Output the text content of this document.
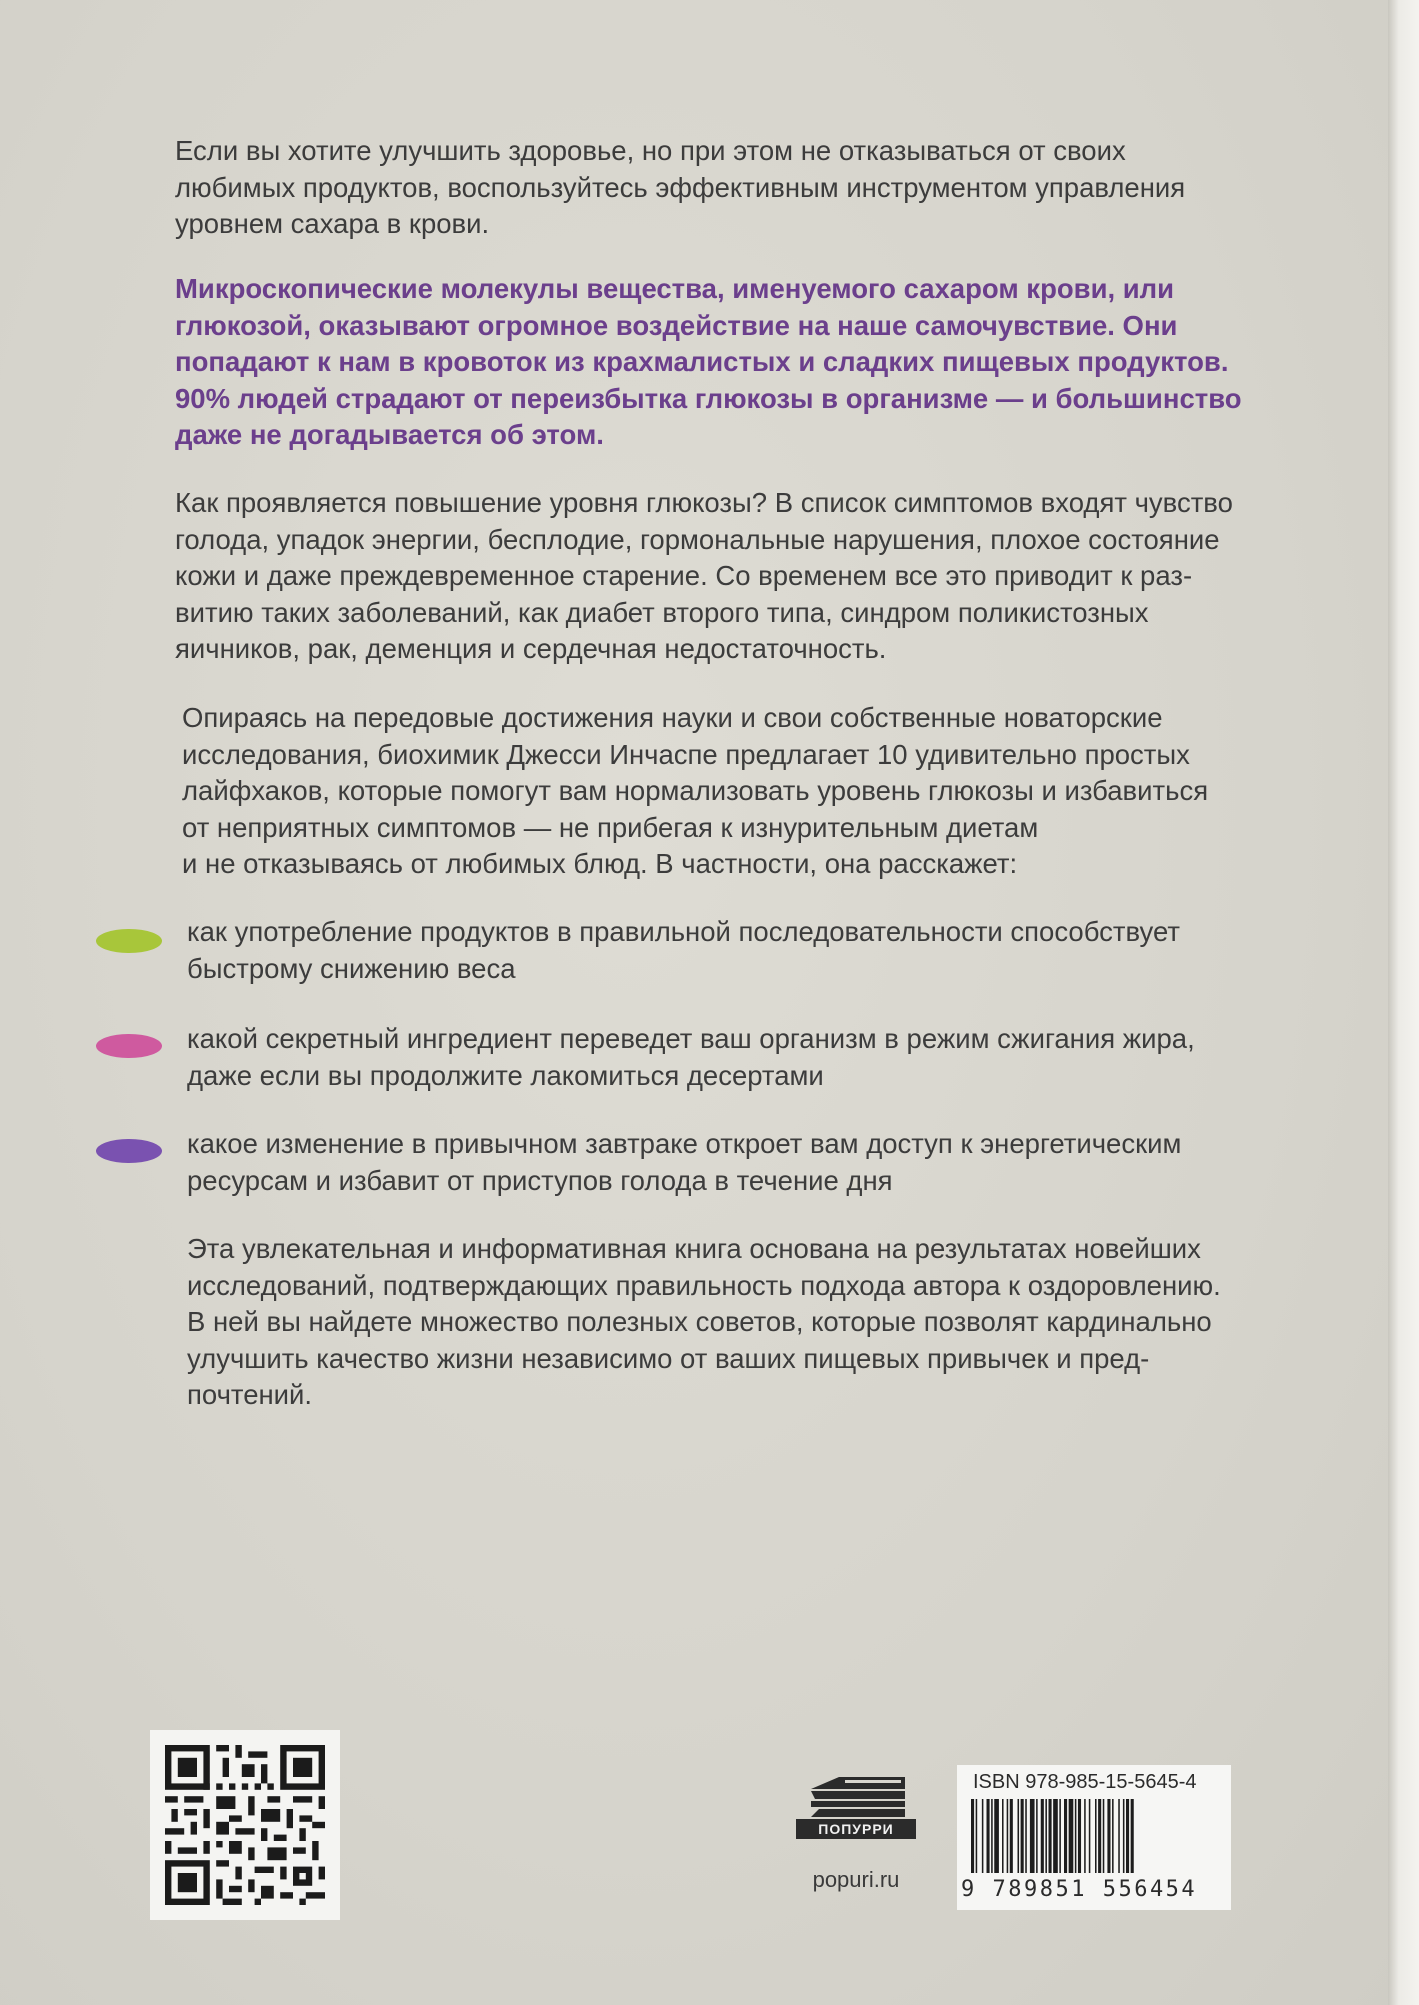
Если вы хотите улучшить здоровье, но при этом не отказываться от своих
любимых продуктов, воспользуйтесь эффективным инструментом управления
уровнем сахара в крови.

Микроскопические молекулы вещества, именуемого сахаром крови, или
глюкозой, оказывают огромное воздействие на наше самочувствие. Они
попадают к нам в кровоток из крахмалистых и сладких пищевых продуктов.
90% людей страдают от переизбытка глюкозы в организме — и большинство
даже не догадывается об этом.

Как проявляется повышение уровня глюкозы? В список симптомов входят чувство
голода, упадок энергии, бесплодие, гормональные нарушения, плохое состояние
кожи и даже преждевременное старение. Со временем все это приводит к раз-
витию таких заболеваний, как диабет второго типа, синдром поликистозных
яичников, рак, деменция и сердечная недостаточность.

Опираясь на передовые достижения науки и свои собственные новаторские
исследования, биохимик Джесси Инчаспе предлагает 10 удивительно простых
лайфхаков, которые помогут вам нормализовать уровень глюкозы и избавиться
от неприятных симптомов — не прибегая к изнурительным диетам
и не отказываясь от любимых блюд. В частности, она расскажет:

как употребление продуктов в правильной последовательности способствует
быстрому снижению веса
какой секретный ингредиент переведет ваш организм в режим сжигания жира,
даже если вы продолжите лакомиться десертами
какое изменение в привычном завтраке откроет вам доступ к энергетическим
ресурсам и избавит от приступов голода в течение дня

Эта увлекательная и информативная книга основана на результатах новейших
исследований, подтверждающих правильность подхода автора к оздоровлению.
В ней вы найдете множество полезных советов, которые позволят кардинально
улучшить качество жизни независимо от ваших пищевых привычек и пред-
почтений.

ПОПУРРИ
popuri.ru
ISBN 978-985-15-5645-4
9 789851 556454
